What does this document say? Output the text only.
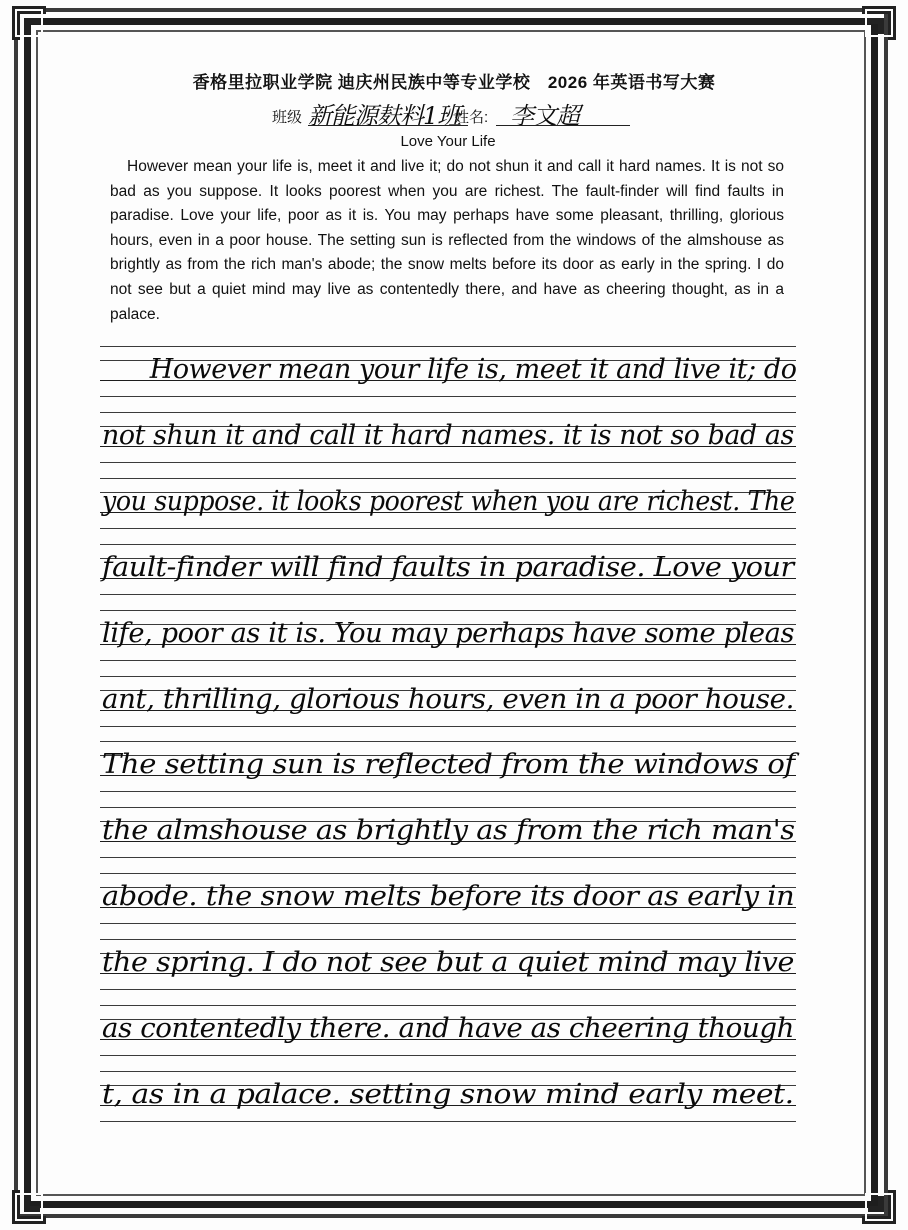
香格里拉职业学院 迪庆州民族中等专业学校　2026 年英语书写大赛
班级 新能源麸料1班
姓名: 李文超
Love Your Life
However mean your life is, meet it and live it; do not shun it and call it hard names. It is not so bad as you suppose. It looks poorest when you are richest. The fault-finder will find faults in paradise. Love your life, poor as it is. You may perhaps have some pleasant, thrilling, glorious hours, even in a poor house. The setting sun is reflected from the windows of the almshouse as brightly as from the rich man's abode; the snow melts before its door as early in the spring. I do not see but a quiet mind may live as contentedly there, and have as cheering thought, as in a palace.
However mean your life is, meet it and live it; do
not shun it and call it hard names. it is not so bad as
you suppose. it looks poorest when you are richest. The
fault-finder will find faults in paradise. Love your
life, poor as it is. You may perhaps have some pleas
ant, thrilling, glorious hours, even in a poor house.
The setting sun is reflected from the windows of
the almshouse as brightly as from the rich man's
abode. the snow melts before its door as early in
the spring. I do not see but a quiet mind may live
as contentedly there. and have as cheering though
t, as in a palace. setting snow mind early meet.
